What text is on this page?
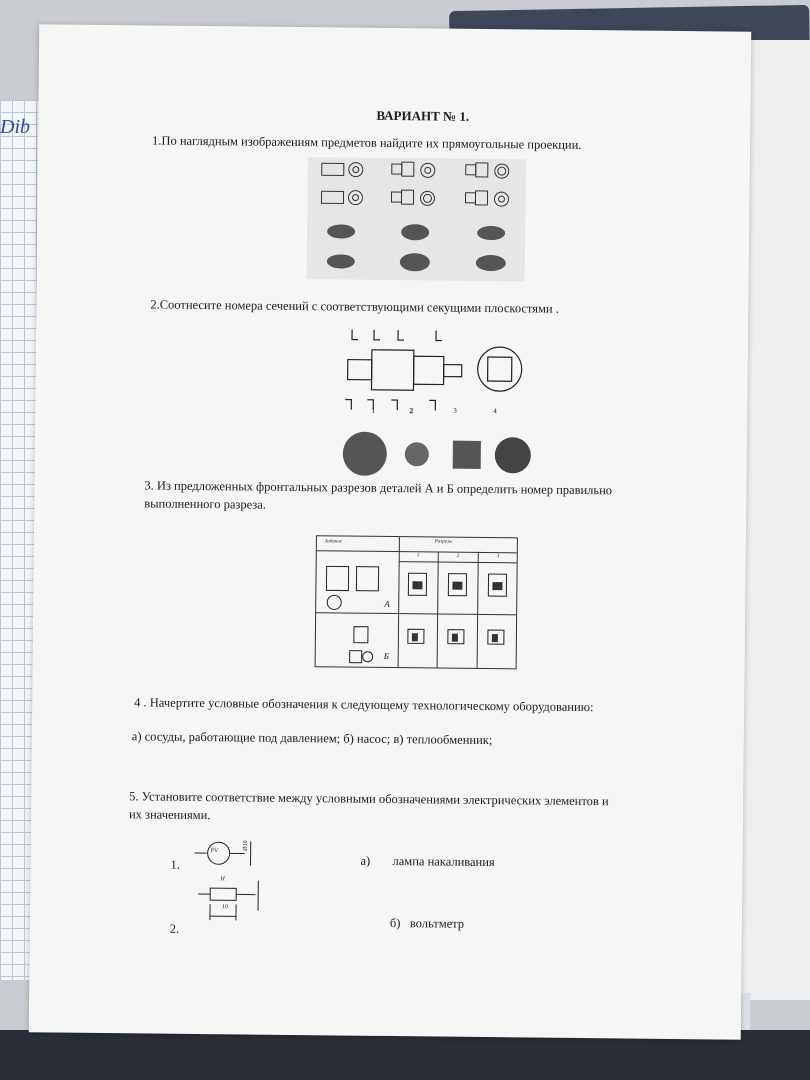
Dib
ВАРИАНТ № 1.
1.По наглядным изображениям предметов найдите их прямоугольные проекции.
2.Соотнесите номера сечений с соответствующими секущими плоскостями .
1	2	3	4
3. Из предложенных фронтальных разрезов деталей А и Б определить номер правильно
выполненного разреза.
Задание	Разрезы
1	2	3
А
Б
4 . Начертите условные обозначения к следующему технологическому оборудованию:
а) сосуды, работающие под давлением; б) насос; в) теплообменник;
5. Установите соответствие между условными обозначениями электрических элементов и
их значениями.
1.
PV
Ø10
2.
H
10
а) лампа накаливания
б) вольтметр
